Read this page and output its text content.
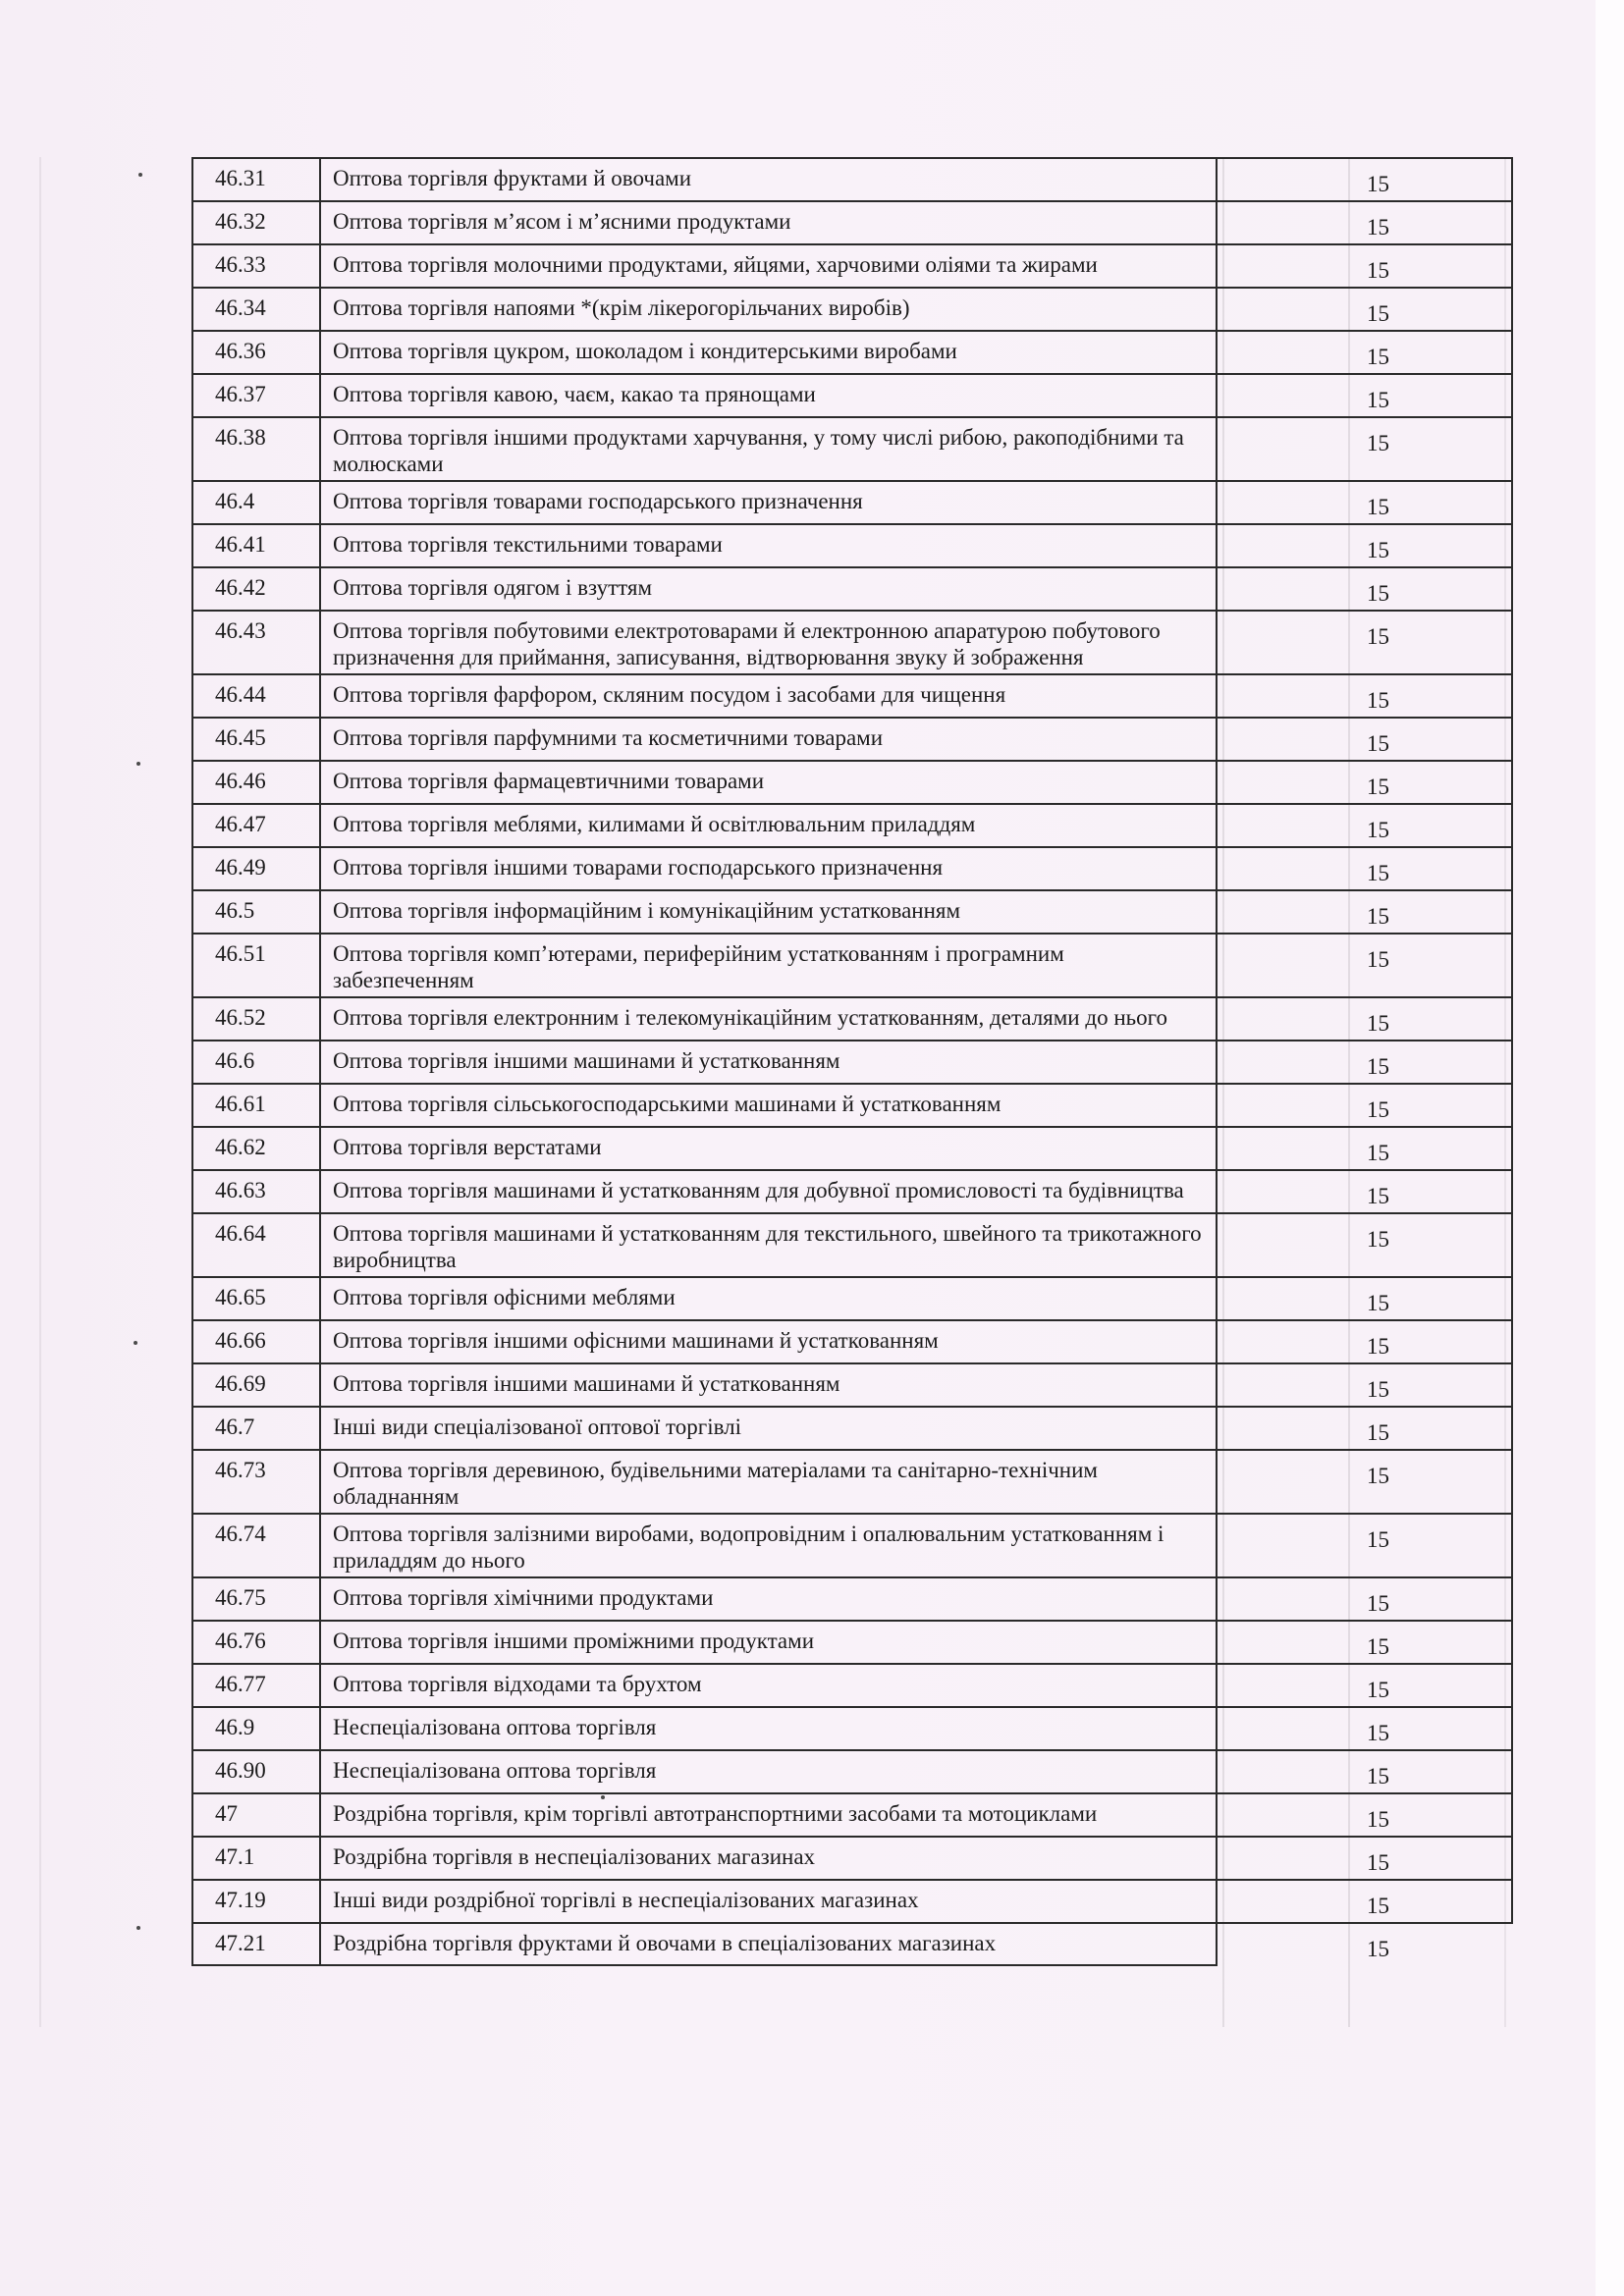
46.31	Оптова торгівля фруктами й овочами	15
46.32	Оптова торгівля м’ясом і м’ясними продуктами	15
46.33	Оптова торгівля молочними продуктами, яйцями, харчовими оліями та жирами	15
46.34	Оптова торгівля напоями *(крім лікерогорільчаних виробів)	15
46.36	Оптова торгівля цукром, шоколадом і кондитерськими виробами	15
46.37	Оптова торгівля кавою, чаєм, какао та прянощами	15
46.38	Оптова торгівля іншими продуктами харчування, у тому числі рибою, ракоподібними та молюсками	15
46.4	Оптова торгівля товарами господарського призначення	15
46.41	Оптова торгівля текстильними товарами	15
46.42	Оптова торгівля одягом і взуттям	15
46.43	Оптова торгівля побутовими електротоварами й електронною апаратурою побутового призначення для приймання, записування, відтворювання звуку й зображення	15
46.44	Оптова торгівля фарфором, скляним посудом і засобами для чищення	15
46.45	Оптова торгівля парфумними та косметичними товарами	15
46.46	Оптова торгівля фармацевтичними товарами	15
46.47	Оптова торгівля меблями, килимами й освітлювальним приладдям	15
46.49	Оптова торгівля іншими товарами господарського призначення	15
46.5	Оптова торгівля інформаційним і комунікаційним устаткованням	15
46.51	Оптова торгівля комп’ютерами, периферійним устаткованням і програмним забезпеченням	15
46.52	Оптова торгівля електронним і телекомунікаційним устаткованням, деталями до нього	15
46.6	Оптова торгівля іншими машинами й устаткованням	15
46.61	Оптова торгівля сільськогосподарськими машинами й устаткованням	15
46.62	Оптова торгівля верстатами	15
46.63	Оптова торгівля машинами й устаткованням для добувної промисловості та будівництва	15
46.64	Оптова торгівля машинами й устаткованням для текстильного, швейного та трикотажного виробництва	15
46.65	Оптова торгівля офісними меблями	15
46.66	Оптова торгівля іншими офісними машинами й устаткованням	15
46.69	Оптова торгівля іншими машинами й устаткованням	15
46.7	Інші види спеціалізованої оптової торгівлі	15
46.73	Оптова торгівля деревиною, будівельними матеріалами та санітарно-технічним обладнанням	15
46.74	Оптова торгівля залізними виробами, водопровідним і опалювальним устаткованням і приладдям до нього	15
46.75	Оптова торгівля хімічними продуктами	15
46.76	Оптова торгівля іншими проміжними продуктами	15
46.77	Оптова торгівля відходами та брухтом	15
46.9	Неспеціалізована оптова торгівля	15
46.90	Неспеціалізована оптова торгівля	15
47	Роздрібна торгівля, крім торгівлі автотранспортними засобами та мотоциклами	15
47.1	Роздрібна торгівля в неспеціалізованих магазинах	15
47.19	Інші види роздрібної торгівлі в неспеціалізованих магазинах	15
47.21	Роздрібна торгівля фруктами й овочами в спеціалізованих магазинах	15
